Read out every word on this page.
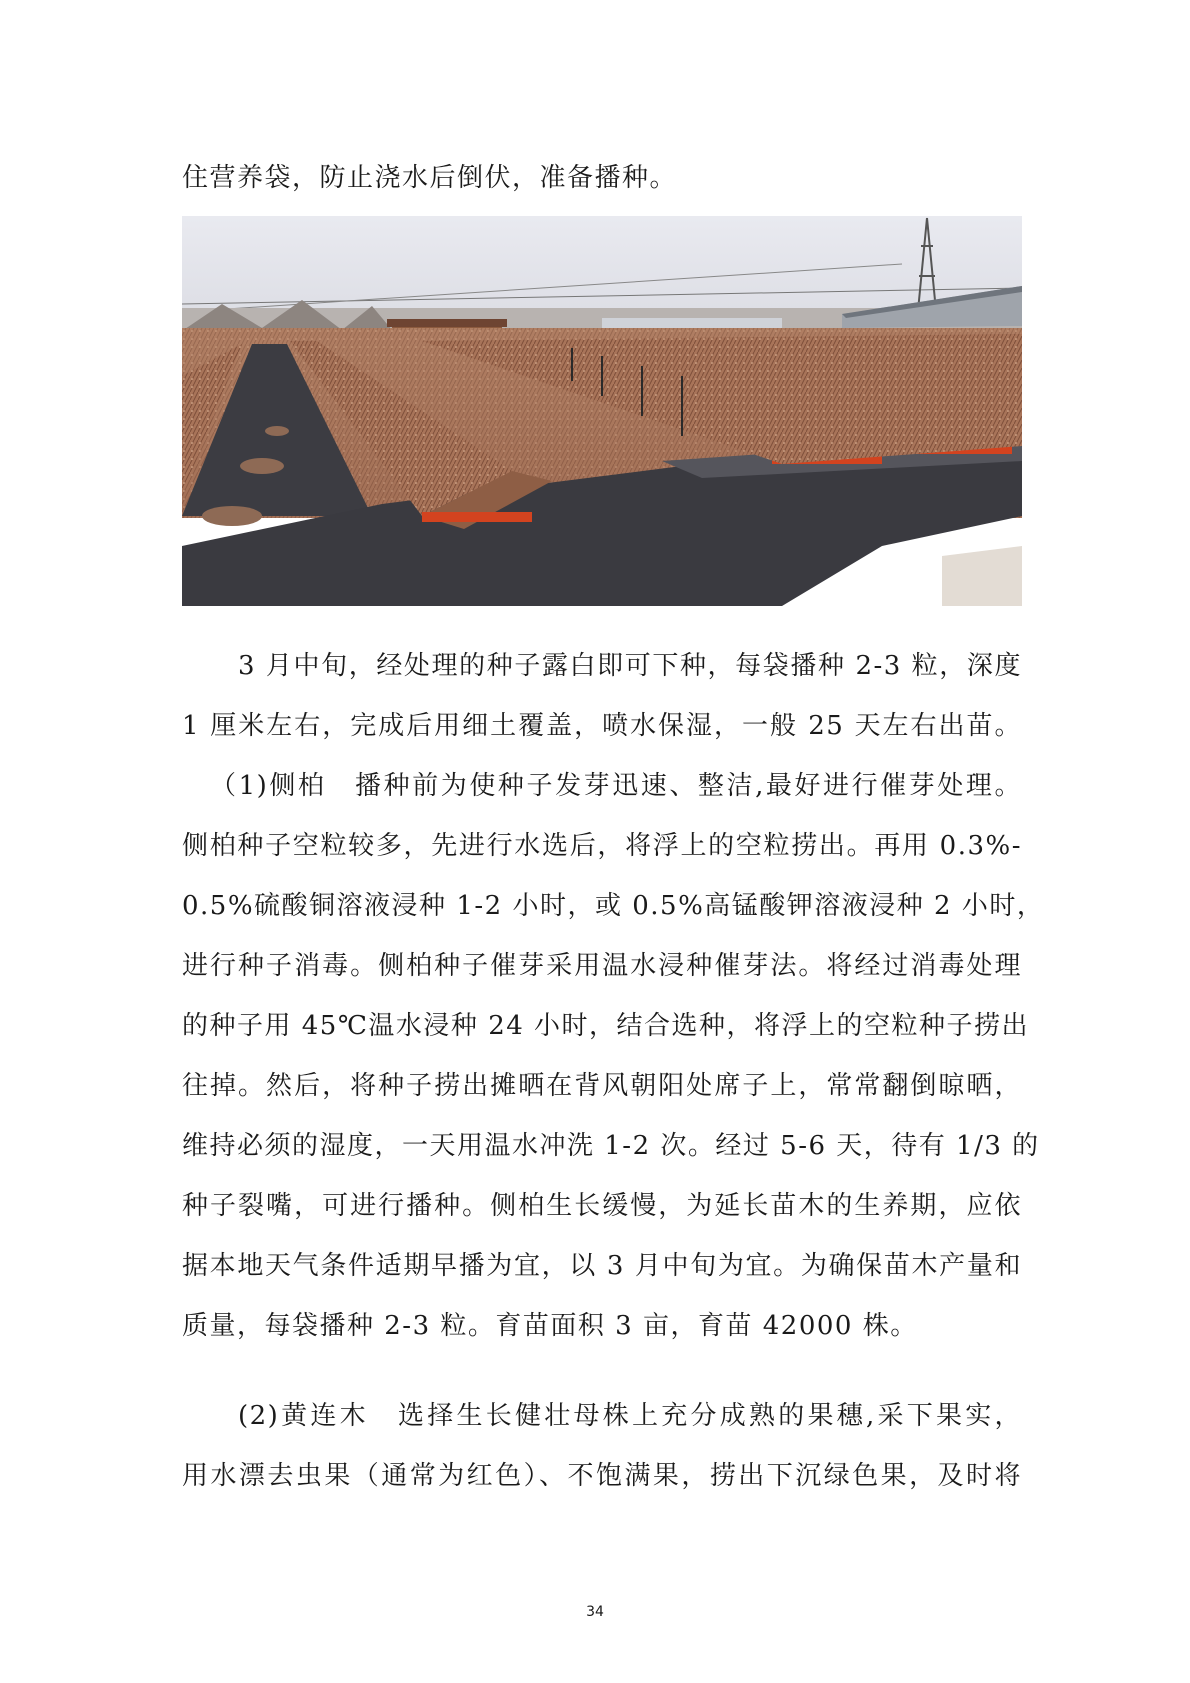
住营养袋，防止浇水后倒伏，准备播种。
3 月中旬，经处理的种子露白即可下种，每袋播种 2-3 粒，深度
1 厘米左右，完成后用细土覆盖，喷水保湿，一般 25 天左右出苗。
（1)侧柏　播种前为使种子发芽迅速、整洁,最好进行催芽处理。
侧柏种子空粒较多，先进行水选后，将浮上的空粒捞出。再用 0.3%-
0.5%硫酸铜溶液浸种 1-2 小时，或 0.5%高锰酸钾溶液浸种 2 小时，
进行种子消毒。侧柏种子催芽采用温水浸种催芽法。将经过消毒处理
的种子用 45℃温水浸种 24 小时，结合选种，将浮上的空粒种子捞出
往掉。然后，将种子捞出摊晒在背风朝阳处席子上，常常翻倒晾晒，
维持必须的湿度，一天用温水冲洗 1-2 次。经过 5-6 天，待有 1/3 的
种子裂嘴，可进行播种。侧柏生长缓慢，为延长苗木的生养期，应依
据本地天气条件适期早播为宜，以 3 月中旬为宜。为确保苗木产量和
质量，每袋播种 2-3 粒。育苗面积 3 亩，育苗 42000 株。
(2)黄连木　选择生长健壮母株上充分成熟的果穗,采下果实，
用水漂去虫果（通常为红色）、不饱满果，捞出下沉绿色果，及时将
34
